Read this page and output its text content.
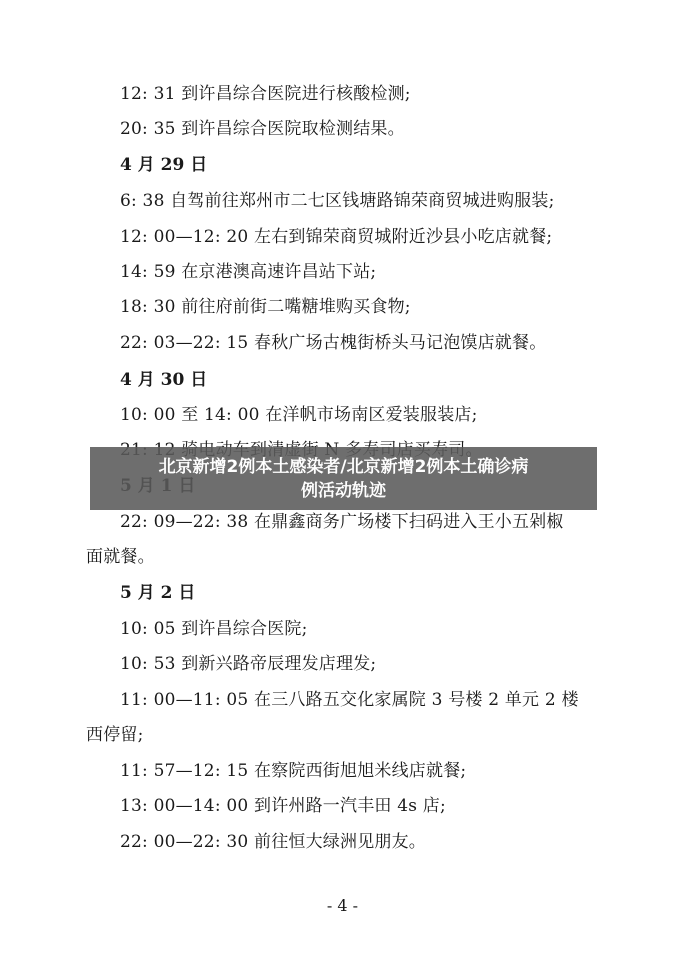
12: 31 到许昌综合医院进行核酸检测;
20: 35 到许昌综合医院取检测结果。
4 月 29 日
6: 38 自驾前往郑州市二七区钱塘路锦荣商贸城进购服装;
12: 00—12: 20 左右到锦荣商贸城附近沙县小吃店就餐;
14: 59 在京港澳高速许昌站下站;
18: 30 前往府前街二嘴糖堆购买食物;
22: 03—22: 15 春秋广场古槐街桥头马记泡馍店就餐。
4 月 30 日
10: 00 至 14: 00 在洋帆市场南区爱装服装店;
22: 09—22: 38 在鼎鑫商务广场楼下扫码进入王小五剁椒
面就餐。
5 月 2 日
10: 05 到许昌综合医院;
10: 53 到新兴路帝辰理发店理发;
11: 00—11: 05 在三八路五交化家属院 3 号楼 2 单元 2 楼
西停留;
11: 57—12: 15 在察院西街旭旭米线店就餐;
13: 00—14: 00 到许州路一汽丰田 4s 店;
22: 00—22: 30 前往恒大绿洲见朋友。
- 4 -
北京新增2例本土感染者/北京新增2例本土确诊病
例活动轨迹
